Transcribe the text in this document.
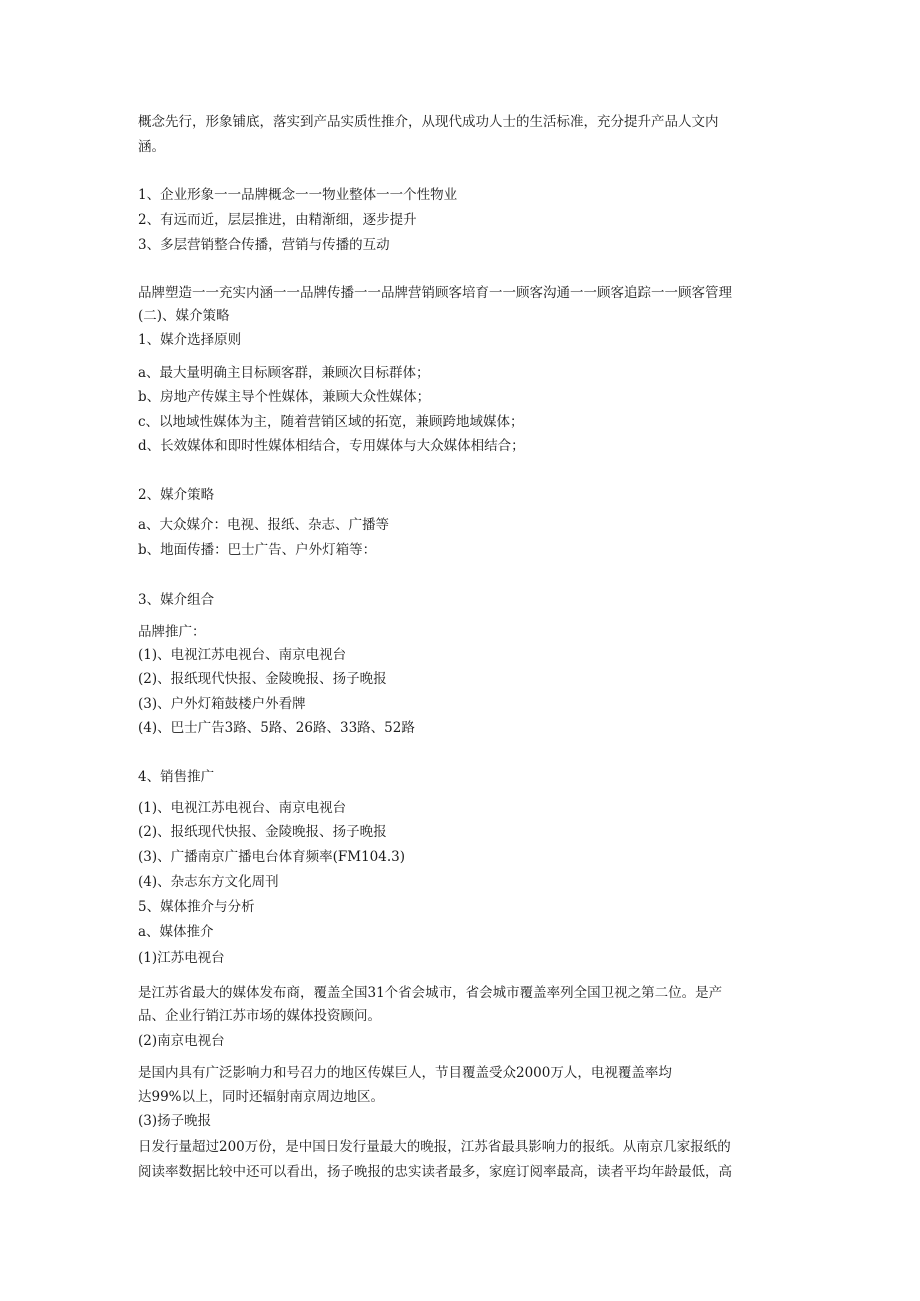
概念先行，形象铺底，落实到产品实质性推介，从现代成功人士的生活标准，充分提升产品人文内
涵。
1、企业形象一一品牌概念一一物业整体一一个性物业
2、有远而近，层层推进，由精渐细，逐步提升
3、多层营销整合传播，营销与传播的互动
品牌塑造一一充实内涵一一品牌传播一一品牌营销顾客培育一一顾客沟通一一顾客追踪一一顾客管理
(二)、媒介策略
1、媒介选择原则
a、最大量明确主目标顾客群，兼顾次目标群体；
b、房地产传媒主导个性媒体，兼顾大众性媒体；
c、以地域性媒体为主，随着营销区域的拓宽，兼顾跨地域媒体；
d、长效媒体和即时性媒体相结合，专用媒体与大众媒体相结合；
2、媒介策略
a、大众媒介：电视、报纸、杂志、广播等
b、地面传播：巴士广告、户外灯箱等：
3、媒介组合
品牌推广：
(1)、电视江苏电视台、南京电视台
(2)、报纸现代快报、金陵晚报、扬子晚报
(3)、户外灯箱鼓楼户外看牌
(4)、巴士广告3路、5路、26路、33路、52路
4、销售推广
(1)、电视江苏电视台、南京电视台
(2)、报纸现代快报、金陵晚报、扬子晚报
(3)、广播南京广播电台体育频率(FM104.3)
(4)、杂志东方文化周刊
5、媒体推介与分析
a、媒体推介
(1)江苏电视台
是江苏省最大的媒体发布商，覆盖全国31个省会城市，省会城市覆盖率列全国卫视之第二位。是产
品、企业行销江苏市场的媒体投资顾问。
(2)南京电视台
是国内具有广泛影响力和号召力的地区传媒巨人，节目覆盖受众2000万人，电视覆盖率均
达99%以上，同时还辐射南京周边地区。
(3)扬子晚报
日发行量超过200万份，是中国日发行量最大的晚报，江苏省最具影响力的报纸。从南京几家报纸的
阅读率数据比较中还可以看出，扬子晚报的忠实读者最多，家庭订阅率最高，读者平均年龄最低，高
